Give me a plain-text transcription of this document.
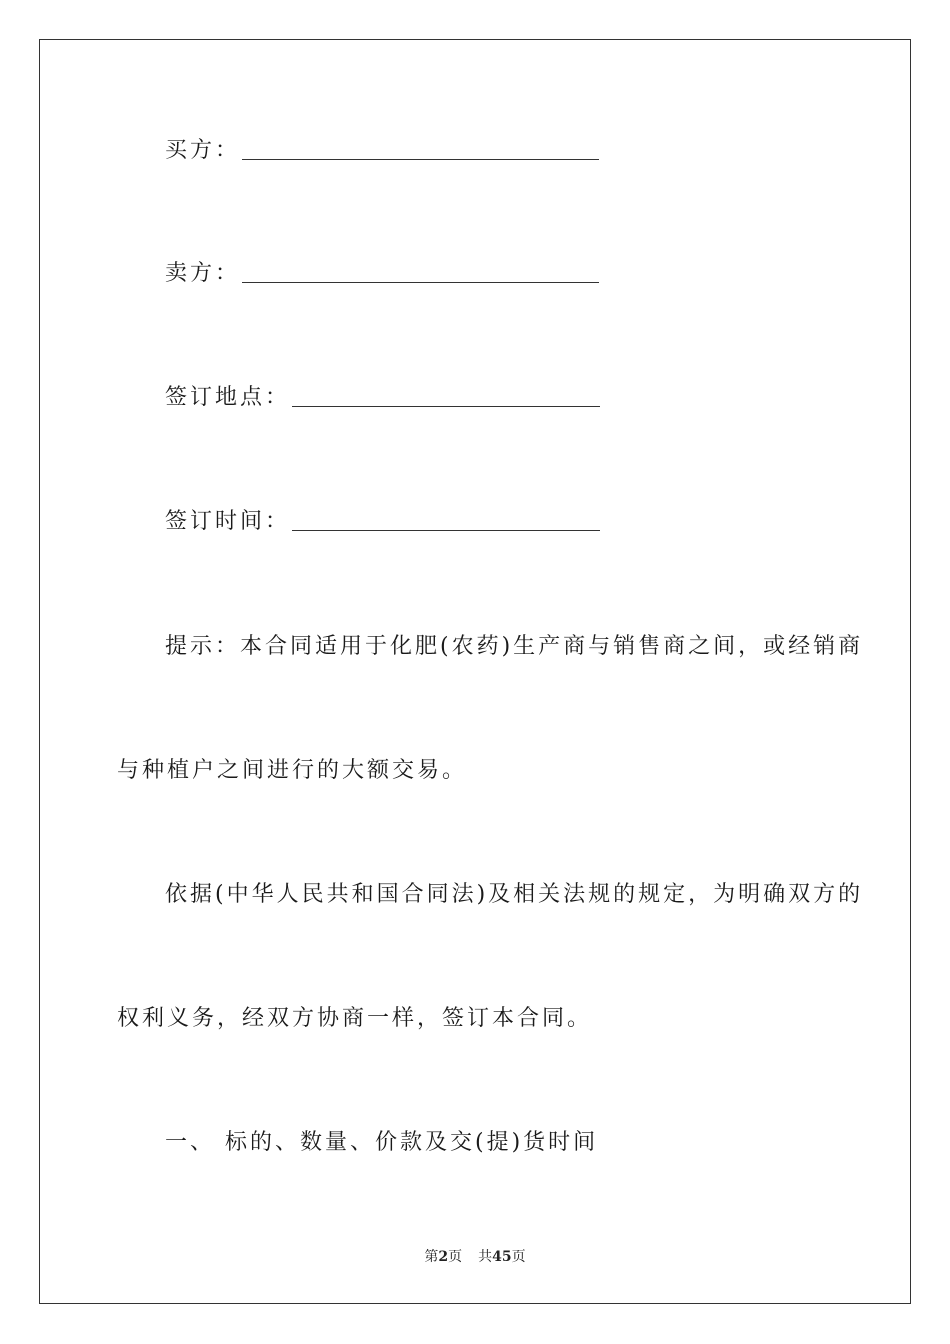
买方：
卖方：
签订地点：
签订时间：
提示：本合同适用于化肥(农药)生产商与销售商之间，或经销商
与种植户之间进行的大额交易。
依据(中华人民共和国合同法)及相关法规的规定，为明确双方的
权利义务，经双方协商一样，签订本合同。
一、 标的、数量、价款及交(提)货时间
第2页 共45页
